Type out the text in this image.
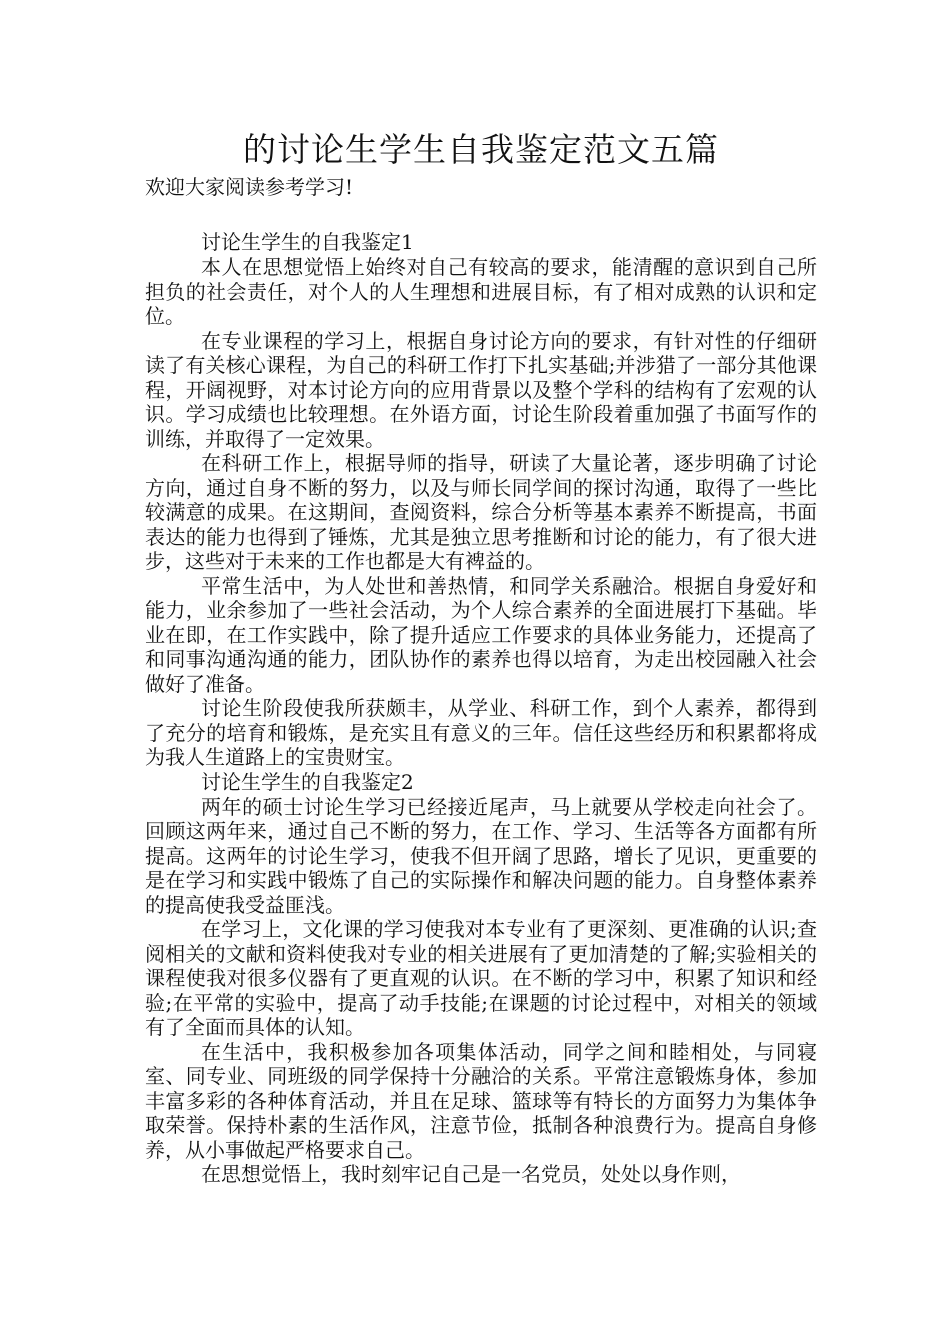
的讨论生学生自我鉴定范文五篇

欢迎大家阅读参考学习!

讨论生学生的自我鉴定1

本人在思想觉悟上始终对自己有较高的要求，能清醒的意识到自己所担负的社会责任，对个人的人生理想和进展目标，有了相对成熟的认识和定位。

在专业课程的学习上，根据自身讨论方向的要求，有针对性的仔细研读了有关核心课程，为自己的科研工作打下扎实基础;并涉猎了一部分其他课程，开阔视野，对本讨论方向的应用背景以及整个学科的结构有了宏观的认识。学习成绩也比较理想。在外语方面，讨论生阶段着重加强了书面写作的训练，并取得了一定效果。

在科研工作上，根据导师的指导，研读了大量论著，逐步明确了讨论方向，通过自身不断的努力，以及与师长同学间的探讨沟通，取得了一些比较满意的成果。在这期间，查阅资料，综合分析等基本素养不断提高，书面表达的能力也得到了锤炼，尤其是独立思考推断和讨论的能力，有了很大进步，这些对于未来的工作也都是大有裨益的。

平常生活中，为人处世和善热情，和同学关系融洽。根据自身爱好和能力，业余参加了一些社会活动，为个人综合素养的全面进展打下基础。毕业在即，在工作实践中，除了提升适应工作要求的具体业务能力，还提高了和同事沟通沟通的能力，团队协作的素养也得以培育，为走出校园融入社会做好了准备。

讨论生阶段使我所获颇丰，从学业、科研工作，到个人素养，都得到了充分的培育和锻炼，是充实且有意义的三年。信任这些经历和积累都将成为我人生道路上的宝贵财宝。

讨论生学生的自我鉴定2

两年的硕士讨论生学习已经接近尾声，马上就要从学校走向社会了。回顾这两年来，通过自己不断的努力，在工作、学习、生活等各方面都有所提高。这两年的讨论生学习，使我不但开阔了思路，增长了见识，更重要的是在学习和实践中锻炼了自己的实际操作和解决问题的能力。自身整体素养的提高使我受益匪浅。

在学习上，文化课的学习使我对本专业有了更深刻、更准确的认识;查阅相关的文献和资料使我对专业的相关进展有了更加清楚的了解;实验相关的课程使我对很多仪器有了更直观的认识。在不断的学习中，积累了知识和经验;在平常的实验中，提高了动手技能;在课题的讨论过程中，对相关的领域有了全面而具体的认知。

在生活中，我积极参加各项集体活动，同学之间和睦相处，与同寝室、同专业、同班级的同学保持十分融洽的关系。平常注意锻炼身体，参加丰富多彩的各种体育活动，并且在足球、篮球等有特长的方面努力为集体争取荣誉。保持朴素的生活作风，注意节俭，抵制各种浪费行为。提高自身修养，从小事做起严格要求自己。

在思想觉悟上，我时刻牢记自己是一名党员，处处以身作则，
